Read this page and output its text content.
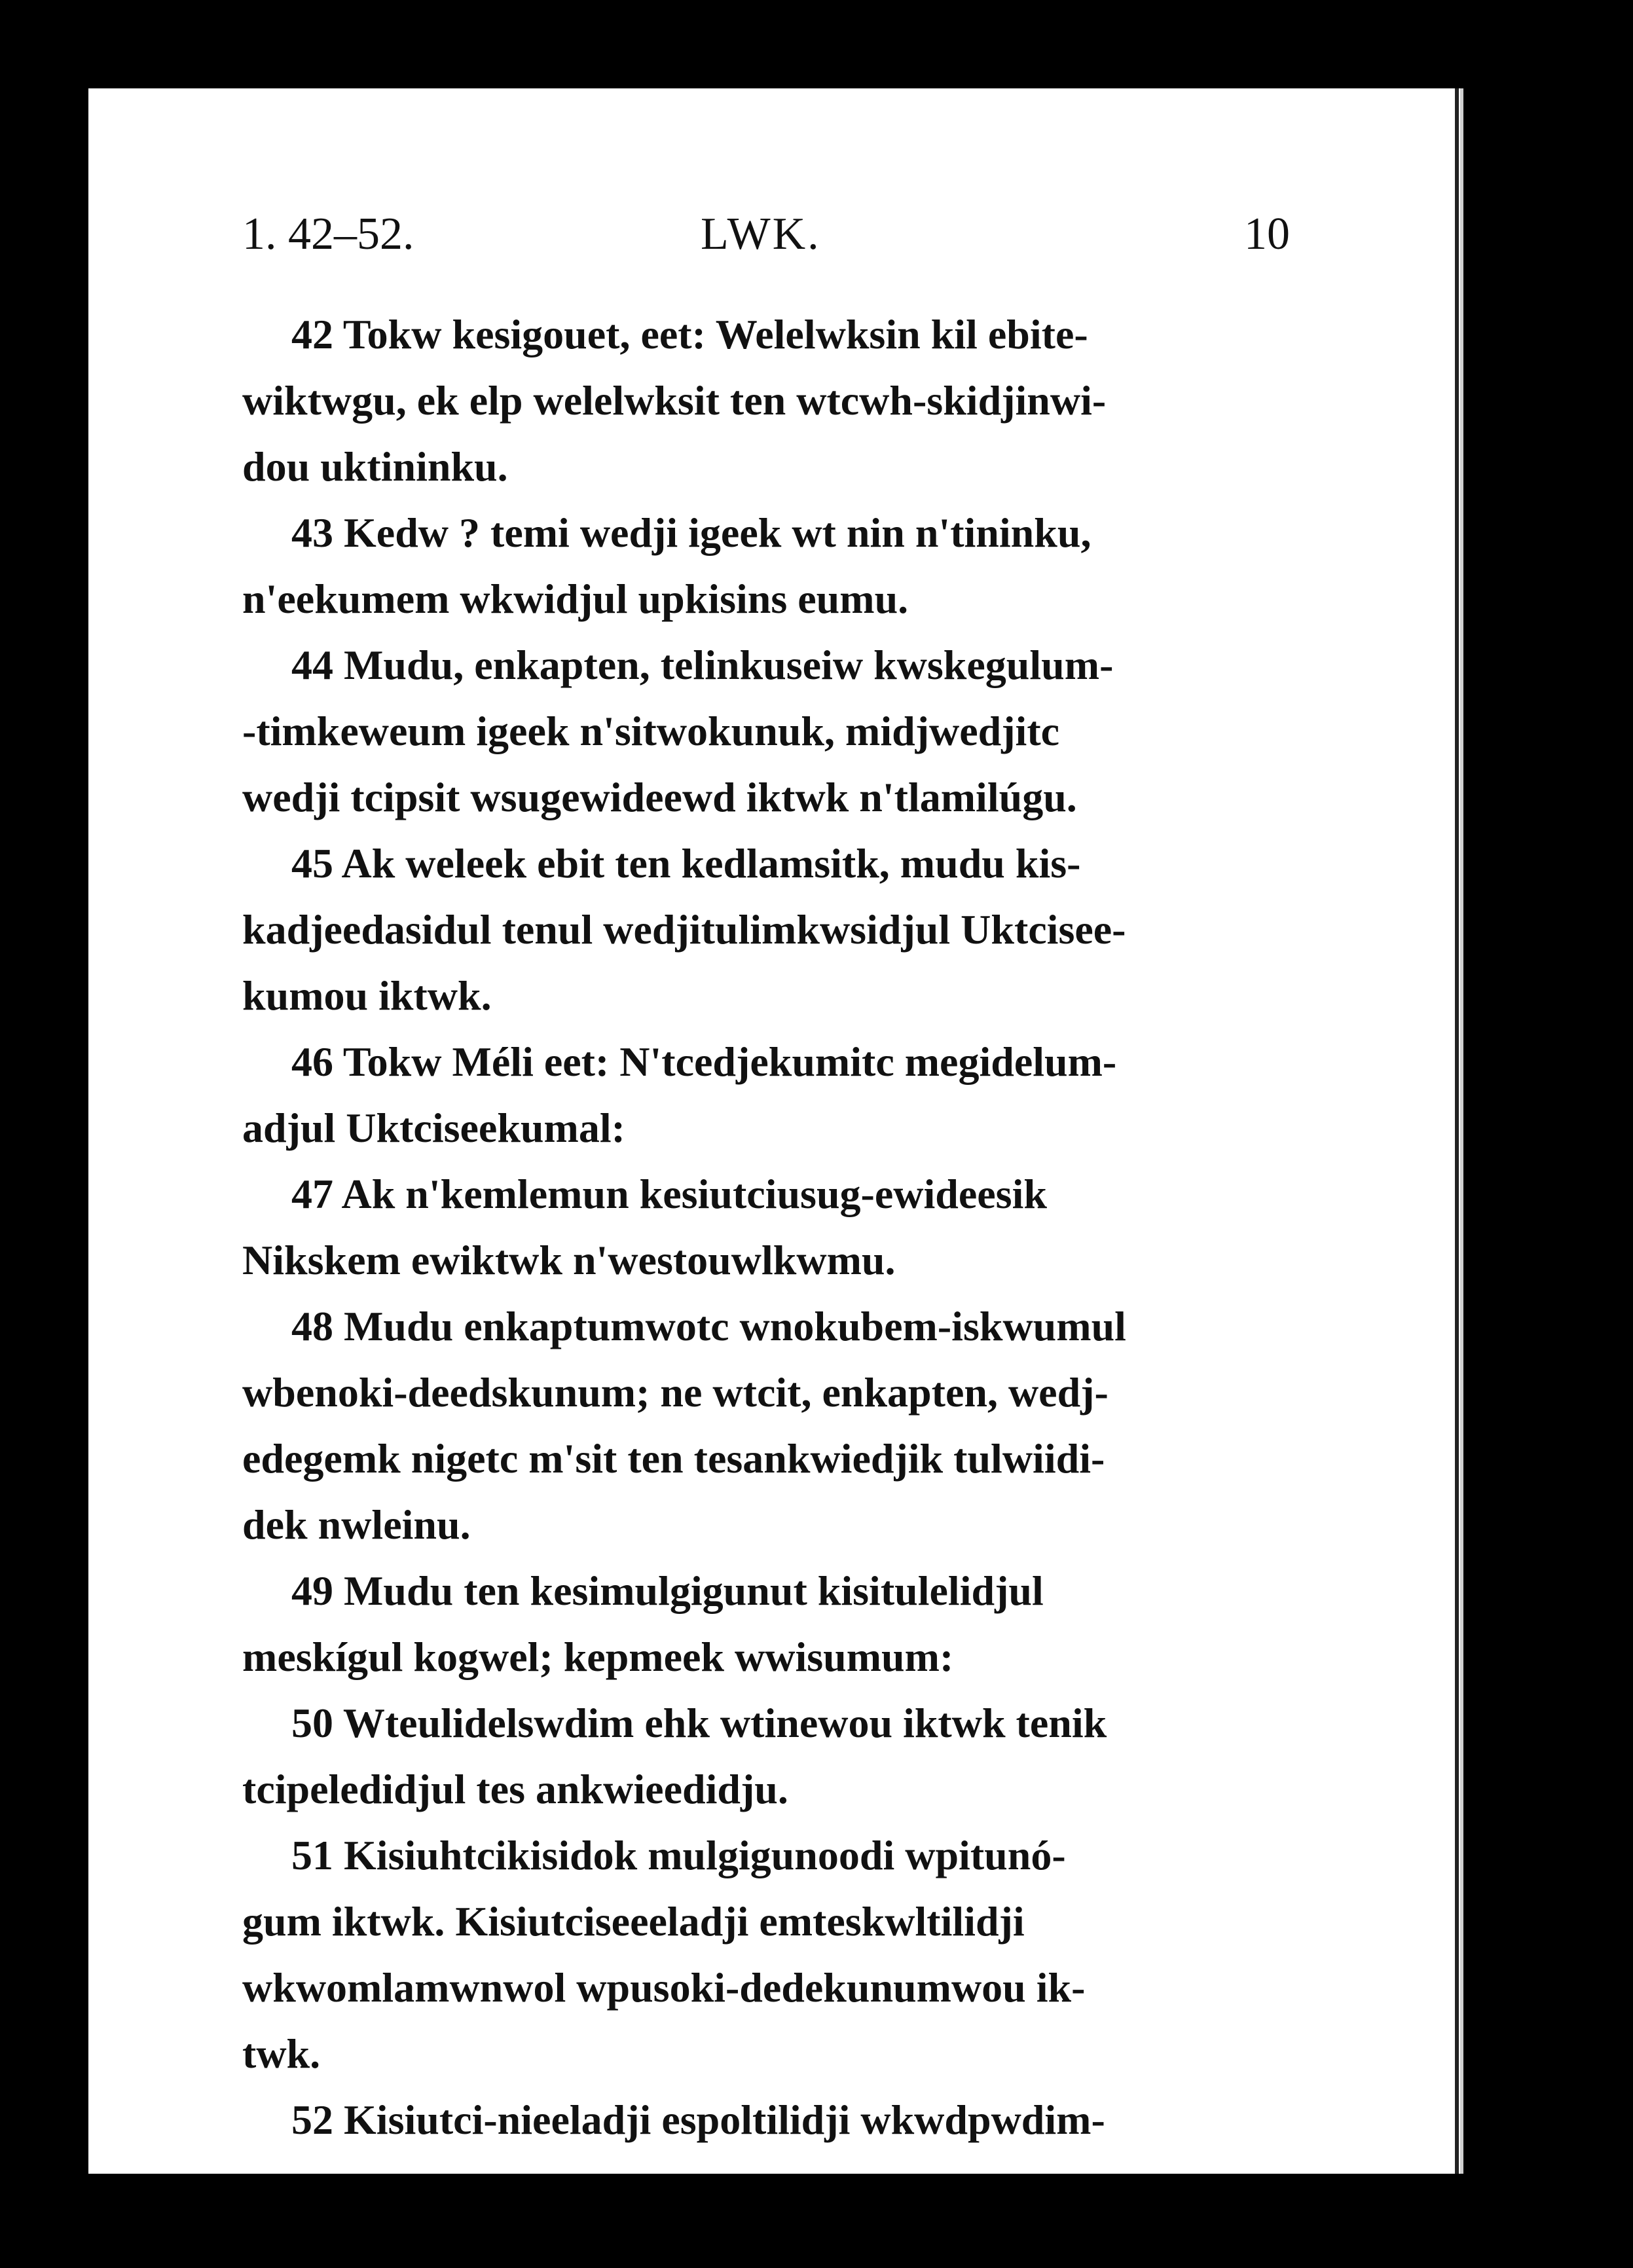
1. 42–52.	LWK.	10
42 Tokw kesigouet, eet: Welelwksin kil ebite-
wiktwgu, ek elp welelwksit ten wtcwh-skidjinwi-
dou uktininku.
43 Kedw ? temi wedji igeek wt nin n'tininku,
n'eekumem wkwidjul upkisins eumu.
44 Mudu, enkapten, telinkuseiw kwskegulum-
-timkeweum igeek n'sitwokunuk, midjwedjitc
wedji tcipsit wsugewideewd iktwk n'tlamilúgu.
45 Ak weleek ebit ten kedlamsitk, mudu kis-
kadjeedasidul tenul wedjitulimkwsidjul Uktcisee-
kumou iktwk.
46 Tokw Méli eet: N'tcedjekumitc megidelum-
adjul Uktciseekumal:
47 Ak n'kemlemun kesiutciusug-ewideesik
Nikskem ewiktwk n'westouwlkwmu.
48 Mudu enkaptumwotc wnokubem-iskwumul
wbenoki-deedskunum; ne wtcit, enkapten, wedj-
edegemk nigetc m'sit ten tesankwiedjik tulwiidi-
dek nwleinu.
49 Mudu ten kesimulgigunut kisitulelidjul
meskígul kogwel; kepmeek wwisumum:
50 Wteulidelswdim ehk wtinewou iktwk tenik
tcipeledidjul tes ankwieedidju.
51 Kisiuhtcikisidok mulgigunoodi wpitunó-
gum iktwk. Kisiutciseeeladji emteskwltilidji
wkwomlamwnwol wpusoki-dedekunumwou ik-
twk.
52 Kisiutci-nieeladji espoltilidji wkwdpwdim-
